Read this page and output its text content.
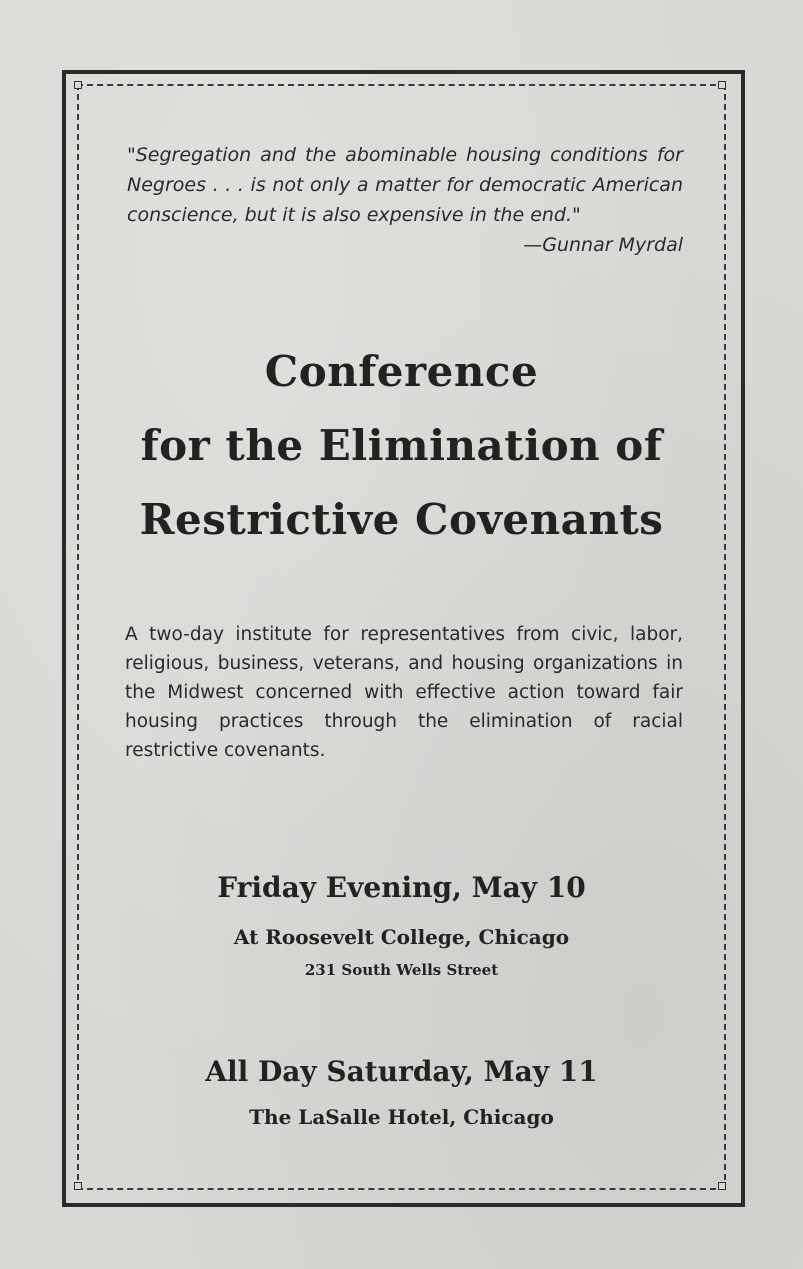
"Segregation and the abominable housing conditions for Negroes . . . is not only a matter for democratic American conscience, but it is also expensive in the end."
—Gunnar Myrdal
Conference
for the Elimination of
Restrictive Covenants
A two-day institute for representatives from civic, labor, religious, business, veterans, and housing organizations in the Midwest concerned with effective action toward fair housing practices through the elimination of racial restrictive covenants.
Friday Evening, May 10
At Roosevelt College, Chicago
231 South Wells Street
All Day Saturday, May 11
The LaSalle Hotel, Chicago
